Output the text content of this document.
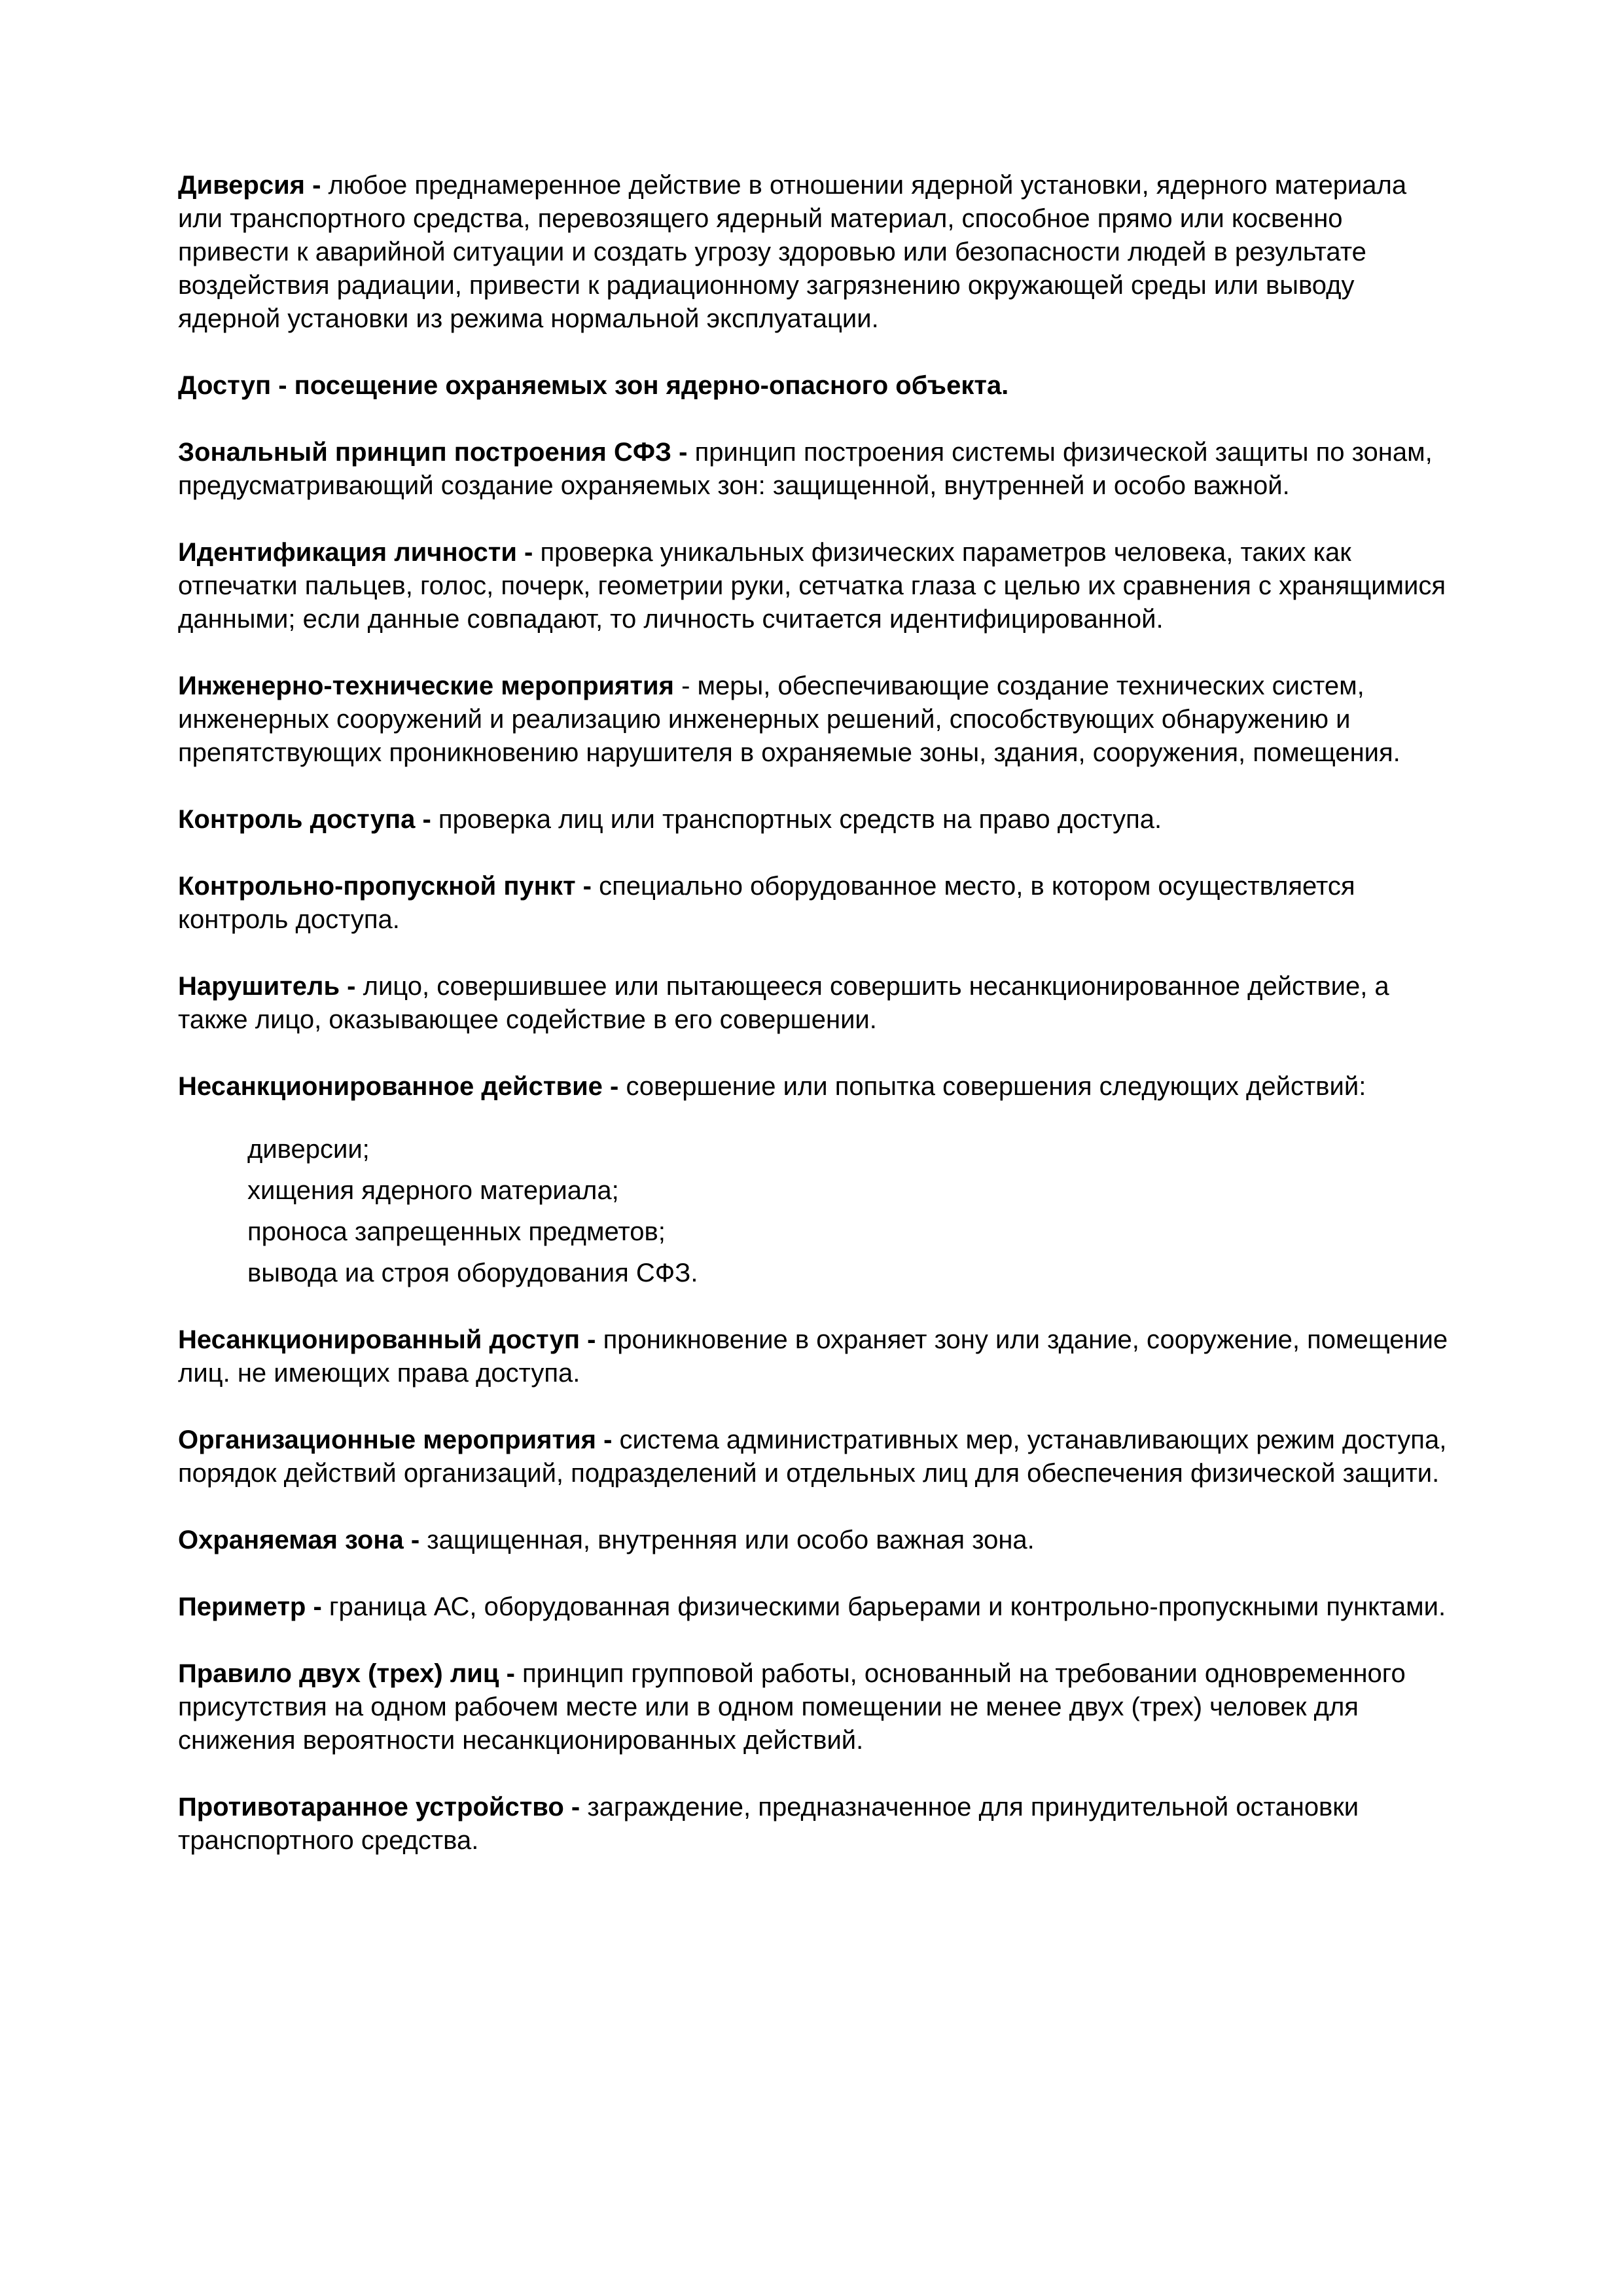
Диверсия - любое преднамеренное действие в отношении ядерной установки, ядерного материала или транспортного средства, перевозящего ядерный материал, способное прямо или косвенно привести к аварийной ситуации и создать угрозу здоровью или безопасности людей в результате воздействия радиации, привести к радиационному загрязнению окружающей среды или выводу ядерной установки из режима нормальной эксплуатации.

Доступ - посещение охраняемых зон ядерно-опасного объекта.

Зональный принцип построения СФЗ - принцип построения системы физической защиты по зонам, предусматривающий создание охраняемых зон: защищенной, внутренней и особо важной.

Идентификация личности - проверка уникальных физических параметров человека, таких как отпечатки пальцев, голос, почерк, геометрии руки, сетчатка глаза с целью их сравнения с хранящимися данными; если данные совпадают, то личность считается идентифицированной.

Инженерно-технические мероприятия - меры, обеспечивающие создание технических систем, инженерных сооружений и реализацию инженерных решений, способствующих обнаружению и препятствующих проникновению нарушителя в охраняемые зоны, здания, сооружения, помещения.

Контроль доступа - проверка лиц или транспортных средств на право доступа.

Контрольно-пропускной пункт - специально оборудованное место, в котором осуществляется контроль доступа.

Нарушитель - лицо, совершившее или пытающееся совершить несанкционированное действие, а также лицо, оказывающее содействие в его совершении.

Несанкционированное действие - совершение или попытка совершения следующих действий:

диверсии;
хищения ядерного материала;
проноса запрещенных предметов;
вывода иа строя оборудования СФЗ.

Несанкционированный доступ - проникновение в охраняет зону или здание, сооружение, помещение лиц. не имеющих права доступа.

Организационные мероприятия - система административных мер, устанавливающих режим доступа, порядок действий организаций, подразделений и отдельных лиц для обеспечения физической защити.

Охраняемая зона - защищенная, внутренняя или особо важная зона.

Периметр - граница АС, оборудованная физическими барьерами и контрольно-пропускными пунктами.

Правило двух (трех) лиц - принцип групповой работы, основанный на требовании одновременного присутствия на одном рабочем месте или в одном помещении не менее двух (трех) человек для снижения вероятности несанкционированных действий.

Противотаранное устройство - заграждение, предназначенное для принудительной остановки транспортного средства.
